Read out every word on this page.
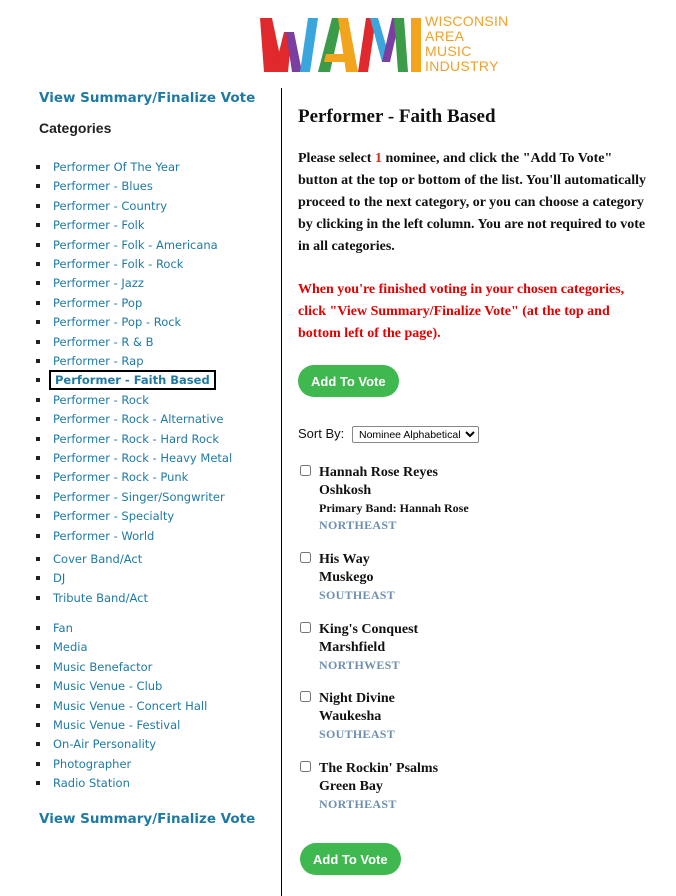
WISCONSIN
AREA
MUSIC
INDUSTRY
View Summary/Finalize Vote
Categories
Performer Of The Year
Performer - Blues
Performer - Country
Performer - Folk
Performer - Folk - Americana
Performer - Folk - Rock
Performer - Jazz
Performer - Pop
Performer - Pop - Rock
Performer - R & B
Performer - Rap
Performer - Faith Based
Performer - Rock
Performer - Rock - Alternative
Performer - Rock - Hard Rock
Performer - Rock - Heavy Metal
Performer - Rock - Punk
Performer - Singer/Songwriter
Performer - Specialty
Performer - World
Cover Band/Act
DJ
Tribute Band/Act
Fan
Media
Music Benefactor
Music Venue - Club
Music Venue - Concert Hall
Music Venue - Festival
On-Air Personality
Photographer
Radio Station
View Summary/Finalize Vote
Performer - Faith Based

Please select 1 nominee, and click the "Add To Vote" button at the top or bottom of the list. You'll automatically proceed to the next category, or you can choose a category by clicking in the left column. You are not required to vote in all categories.

When you're finished voting in your chosen categories, click "View Summary/Finalize Vote" (at the top and bottom left of the page).

Add To Vote
Sort By:
Nominee Alphabetical
Hannah Rose Reyes
Oshkosh
Primary Band: Hannah Rose
NORTHEAST
His Way
Muskego
SOUTHEAST
King's Conquest
Marshfield
NORTHWEST
Night Divine
Waukesha
SOUTHEAST
The Rockin' Psalms
Green Bay
NORTHEAST
Add To Vote
